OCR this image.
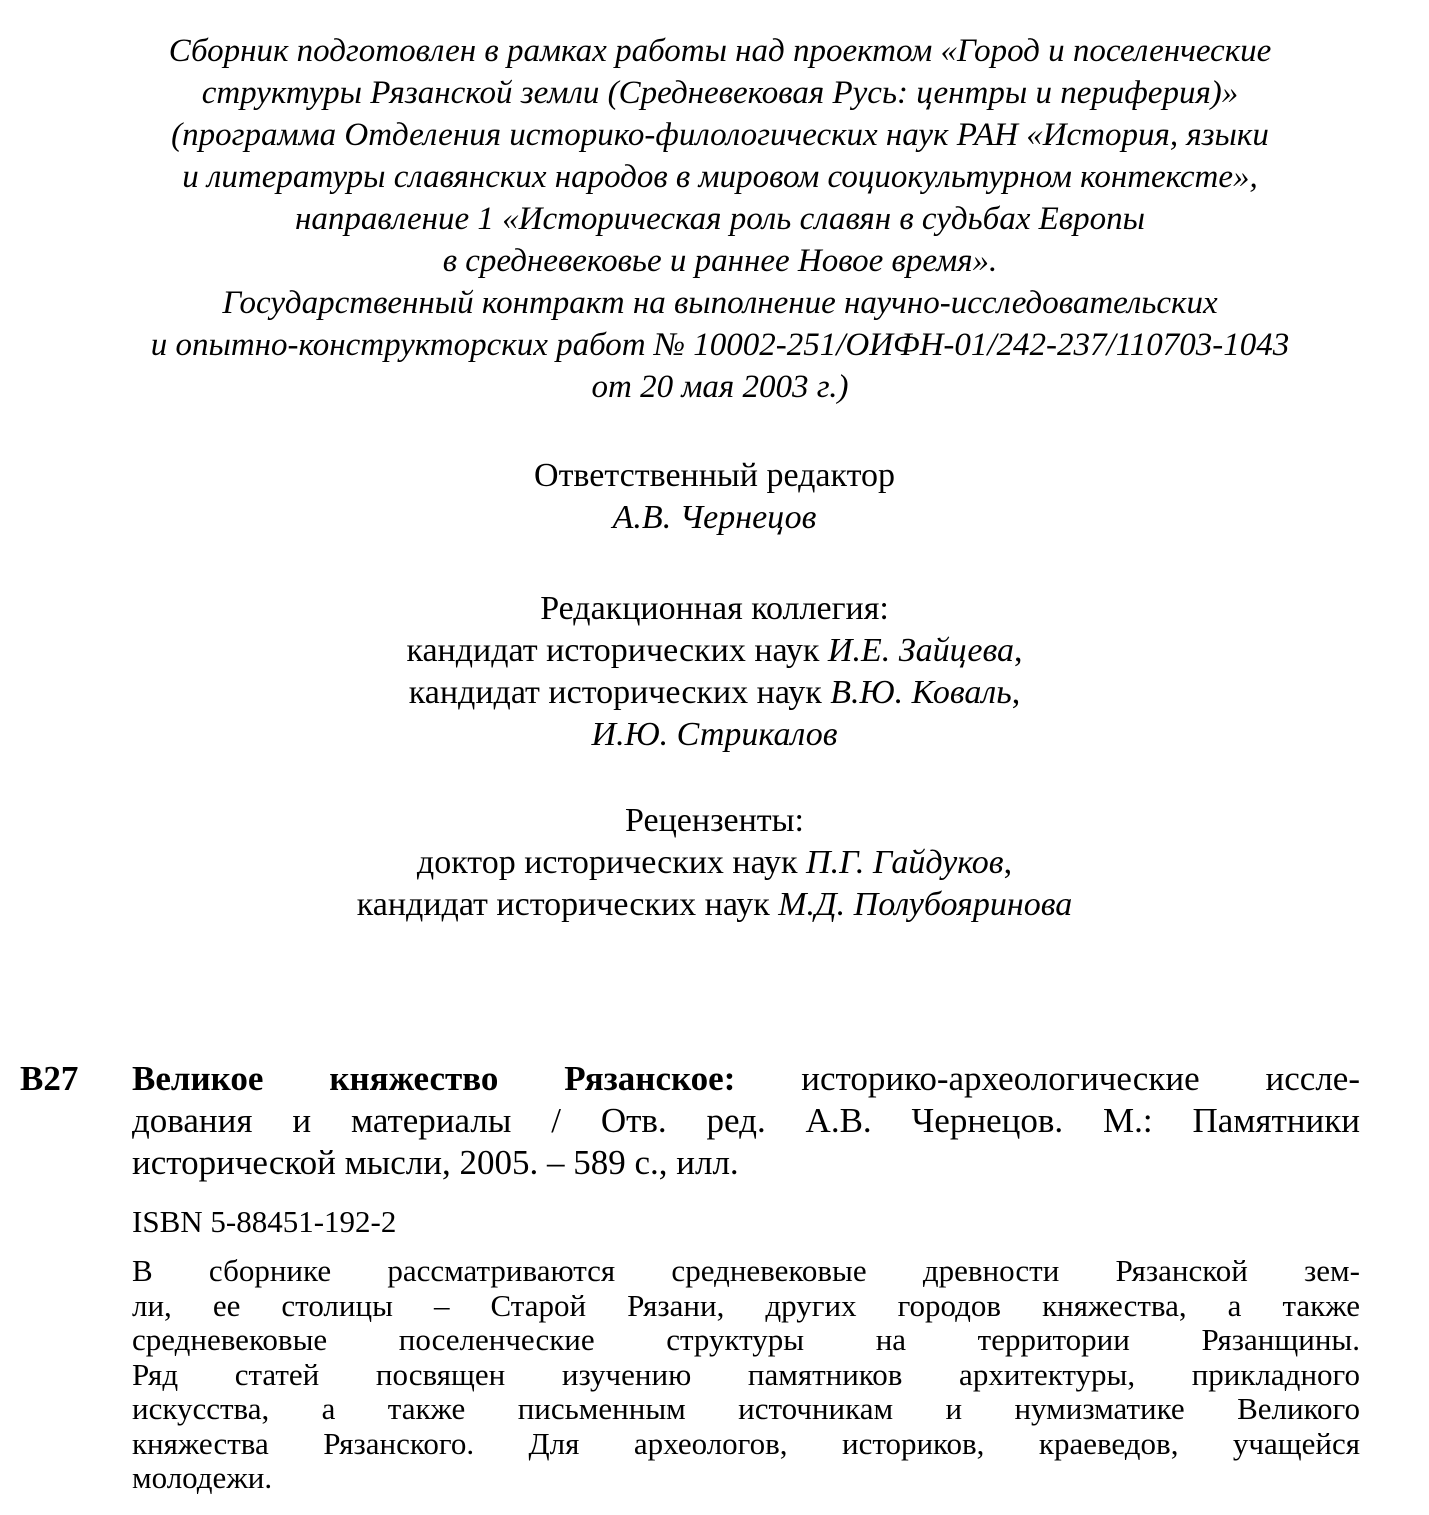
Сборник подготовлен в рамках работы над проектом «Город и поселенческие
структуры Рязанской земли (Средневековая Русь: центры и периферия)»
(программа Отделения историко-филологических наук РАН «История, языки
и литературы славянских народов в мировом социокультурном контексте»,
направление 1 «Историческая роль славян в судьбах Европы
в средневековье и раннее Новое время».
Государственный контракт на выполнение научно-исследовательских
и опытно-конструкторских работ № 10002-251/ОИФН-01/242-237/110703-1043
от 20 мая 2003 г.)
Ответственный редактор
А.В. Чернецов
Редакционная коллегия:
кандидат исторических наук И.Е. Зайцева,
кандидат исторических наук В.Ю. Коваль,
И.Ю. Стрикалов
Рецензенты:
доктор исторических наук П.Г. Гайдуков,
кандидат исторических наук М.Д. Полубояринова
В27 Великое княжество Рязанское: историко-археологические иссле-
дования и материалы / Отв. ред. А.В. Чернецов. М.: Памятники
исторической мысли, 2005. – 589 с., илл.
ISBN 5-88451-192-2
В сборнике рассматриваются средневековые древности Рязанской зем-
ли, ее столицы – Старой Рязани, других городов княжества, а также
средневековые поселенческие структуры на территории Рязанщины.
Ряд статей посвящен изучению памятников архитектуры, прикладного
искусства, а также письменным источникам и нумизматике Великого
княжества Рязанского. Для археологов, историков, краеведов, учащейся
молодежи.
